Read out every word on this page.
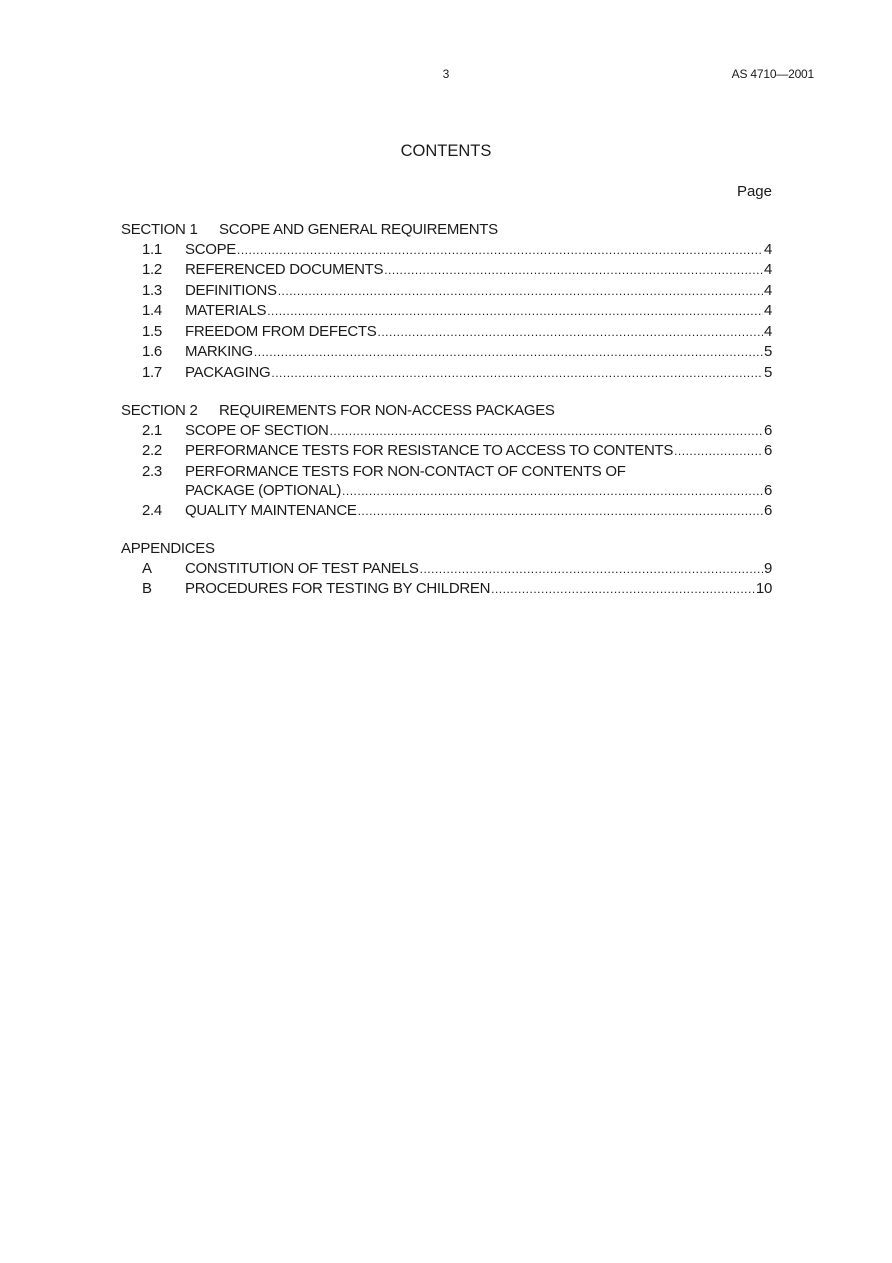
3	AS 4710—2001
CONTENTS
Page
SECTION 1 SCOPE AND GENERAL REQUIREMENTS
1.1	SCOPE .....	4
1.2	REFERENCED DOCUMENTS .....	4
1.3	DEFINITIONS .....	4
1.4	MATERIALS .....	4
1.5	FREEDOM FROM DEFECTS .....	4
1.6	MARKING .....	5
1.7	PACKAGING .....	5
SECTION 2 REQUIREMENTS FOR NON-ACCESS PACKAGES
2.1	SCOPE OF SECTION .....	6
2.2	PERFORMANCE TESTS FOR RESISTANCE TO ACCESS TO CONTENTS .....	6
2.3	PERFORMANCE TESTS FOR NON-CONTACT OF CONTENTS OF
PACKAGE (OPTIONAL) .....	6
2.4	QUALITY MAINTENANCE .....	6
APPENDICES
A	CONSTITUTION OF TEST PANELS .....	9
B	PROCEDURES FOR TESTING BY CHILDREN .....	10
